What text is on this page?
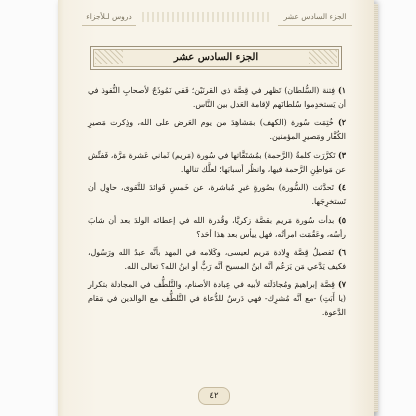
دروس لـلأجزاء	الجزء السادس عشر
الجزء السادس عشر

١) فِتنة (السُّلطان) تَظهر في قِصَّة ذي القرنَيْن؛ فَفي نَمُوذَجٌ لأصحابِ النُّفوذ في أن يَستخدِموا سُلطانَهم لإقامة العَدل بين النَّاس.

٢) خُتِمَت سُورة (الكهف) بمَشاهِدَ من يوم العَرض على الله، وذِكرت مَصيرِ الكُفَّار ومَصيرِ المؤمنين.

٣) تَكرَّرَت كلمةُ (الرَّحمة) بمُشتَقَّاتها في سُورة (مَريم) ثَماني عَشرة مَرَّة، فَفتِّش عن مَواطِنِ الرَّحمة فيها، وانظُر أسبابَها؛ لعلَّك تنالها.

٤) تَحدَّثت (السُّورة) بصُورةٍ غيرِ مُباشرة، عن خَمسِ فَوائدَ للتَّقوى، حاوِل أن تَستخرِجَها.

٥) بدأت سُورة مَريم بقصَّة زكريَّا، وقُدرة الله في إعطائه الولدَ بعد أن شابَ رأسُه، وعَقُمَت امرأتُه، فهل ييأس بعد هذا أحَد؟

٦) تَفصيلُ قِصَّة وِلادة مَريم لعيسى، وكَلامه في المهد بأنَّه عبدُ الله ورَسُول، فكيف يَدَّعي مَن يَزعُم أنَّه ابنُ المسيح أنَّه رَبٌّ أو ابنُ الله؟ تعالى الله.

٧) قِصَّة إبراهيمَ ومُجادَلَته لأبيه في عِبادة الأصنام، والتَّلطُّف في المجادلة بتكرار (يا أَبَتِ) -مع أنَّه مُشرِك- فهي دَرسٌ للدُّعاة في التَّلطُّف مع الوالدين في مَقام الدَّعوة.

٤٢
